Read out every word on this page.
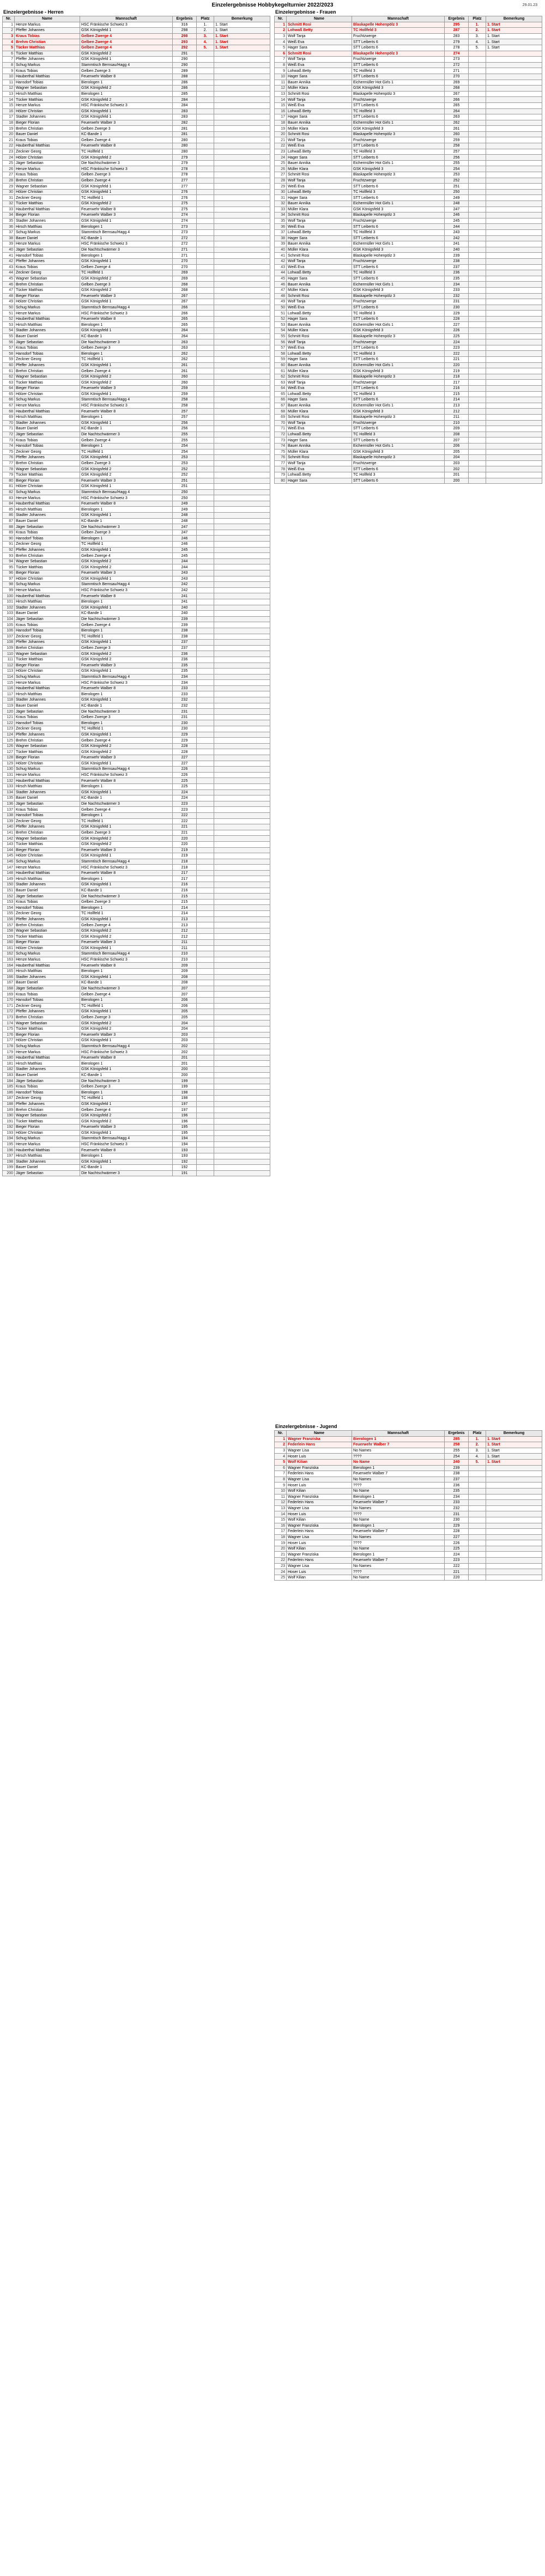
Einzelergebnisse Hobbykegelturnier 2022/2023	29.01.23
Einzelergebnisse - Herren
Nr.	Name	Mannschaft	Ergebnis	Platz	Bemerkung
1	Henze Markus	HSC Fränkische Schweiz 3	316	1.	1. Start
2	Pfeffer Johannes	GSK Königsfeld 1	298	2.	1. Start
3	Kraus Tobias	Gelben Zwerge 4	298	3.	1. Start
4	Brehm Christian	Gelben Zwerge 4	293	4.	1. Start
5	Tücker Matthias	Gelben Zwerge 4	292	5.	1. Start
6	Tücker Matthias	GSK Königsfeld 2	291		
7	Pfeffer Johannes	GSK Königsfeld 1	290		
8	Schug Markus	Stammtisch Bernsau/Hagg 4	290		
9	Kraus Tobias	Gelben Zwerge 3	289		
10	Hauberthal Matthias	Feuerwehr Walber 8	288		
11	Hansdorf Tobias	Bierologen 1	286		
12	Wagner Sebastian	GSK Königsfeld 2	286		
13	Hirsch Matthias	Bierologen 1	285		
14	Tücker Matthias	GSK Königsfeld 2	284		
15	Henze Markus	HSC Fränkische Schweiz 3	284		
16	Hölzer Christian	GSK Königsfeld 1	283		
17	Stadter Johannes	GSK Königsfeld 1	283		
18	Bieger Florian	Feuerwehr Walber 3	282		
19	Brehm Christian	Gelben Zwerge 3	281		
20	Bauer Daniel	KC-Bande 1	281		
21	Kraus Tobias	Gelben Zwerge 4	280		
22	Hauberthal Matthias	Feuerwehr Walber 8	280		
23	Zeckner Georg	TC Hollfeld 1	280		
24	Hölzer Christian	GSK Königsfeld 2	279		
25	Jäger Sebastian	Die Nachtschwärmer 3	279		
26	Henze Markus	HSC Fränkische Schweiz 3	278		
27	Kraus Tobias	Gelben Zwerge 3	278		
28	Brehm Christian	Gelben Zwerge 4	277		
29	Wagner Sebastian	GSK Königsfeld 1	277		
30	Hölzer Christian	GSK Königsfeld 1	276		
31	Zeckner Georg	TC Hollfeld 1	276		
32	Tücker Matthias	GSK Königsfeld 2	275		
33	Hauberthal Matthias	Feuerwehr Walber 8	275		
34	Bieger Florian	Feuerwehr Walber 3	274		
35	Stadter Johannes	GSK Königsfeld 1	274		
36	Hirsch Matthias	Bierologen 1	273		
37	Schug Markus	Stammtisch Bernsau/Hagg 4	273		
38	Bauer Daniel	KC-Bande 1	272		
39	Henze Markus	HSC Fränkische Schweiz 3	272		
40	Jäger Sebastian	Die Nachtschwärmer 3	271		
41	Hansdorf Tobias	Bierologen 1	271		
42	Pfeffer Johannes	GSK Königsfeld 1	270		
43	Kraus Tobias	Gelben Zwerge 4	270		
44	Zeckner Georg	TC Hollfeld 1	269		
45	Wagner Sebastian	GSK Königsfeld 2	269		
46	Brehm Christian	Gelben Zwerge 3	268		
47	Tücker Matthias	GSK Königsfeld 2	268		
48	Bieger Florian	Feuerwehr Walber 3	267		
49	Hölzer Christian	GSK Königsfeld 1	267		
50	Schug Markus	Stammtisch Bernsau/Hagg 4	266		
51	Henze Markus	HSC Fränkische Schweiz 3	266		
52	Hauberthal Matthias	Feuerwehr Walber 8	265		
53	Hirsch Matthias	Bierologen 1	265		
54	Stadter Johannes	GSK Königsfeld 1	264		
55	Bauer Daniel	KC-Bande 1	264		
56	Jäger Sebastian	Die Nachtschwärmer 3	263		
57	Kraus Tobias	Gelben Zwerge 3	263		
58	Hansdorf Tobias	Bierologen 1	262		
59	Zeckner Georg	TC Hollfeld 1	262		
60	Pfeffer Johannes	GSK Königsfeld 1	261		
61	Brehm Christian	Gelben Zwerge 4	261		
62	Wagner Sebastian	GSK Königsfeld 2	260		
63	Tücker Matthias	GSK Königsfeld 2	260		
64	Bieger Florian	Feuerwehr Walber 3	259		
65	Hölzer Christian	GSK Königsfeld 1	259		
66	Schug Markus	Stammtisch Bernsau/Hagg 4	258		
67	Henze Markus	HSC Fränkische Schweiz 3	258		
68	Hauberthal Matthias	Feuerwehr Walber 8	257		
69	Hirsch Matthias	Bierologen 1	257		
70	Stadter Johannes	GSK Königsfeld 1	256		
71	Bauer Daniel	KC-Bande 1	256		
72	Jäger Sebastian	Die Nachtschwärmer 3	255		
73	Kraus Tobias	Gelben Zwerge 4	255		
74	Hansdorf Tobias	Bierologen 1	254		
75	Zeckner Georg	TC Hollfeld 1	254		
76	Pfeffer Johannes	GSK Königsfeld 1	253		
77	Brehm Christian	Gelben Zwerge 3	253		
78	Wagner Sebastian	GSK Königsfeld 2	252		
79	Tücker Matthias	GSK Königsfeld 2	252		
80	Bieger Florian	Feuerwehr Walber 3	251		
81	Hölzer Christian	GSK Königsfeld 1	251		
82	Schug Markus	Stammtisch Bernsau/Hagg 4	250		
83	Henze Markus	HSC Fränkische Schweiz 3	250		
84	Hauberthal Matthias	Feuerwehr Walber 8	249		
85	Hirsch Matthias	Bierologen 1	249		
86	Stadter Johannes	GSK Königsfeld 1	248		
87	Bauer Daniel	KC-Bande 1	248		
88	Jäger Sebastian	Die Nachtschwärmer 3	247		
89	Kraus Tobias	Gelben Zwerge 3	247		
90	Hansdorf Tobias	Bierologen 1	246		
91	Zeckner Georg	TC Hollfeld 1	246		
92	Pfeffer Johannes	GSK Königsfeld 1	245		
93	Brehm Christian	Gelben Zwerge 4	245		
94	Wagner Sebastian	GSK Königsfeld 2	244		
95	Tücker Matthias	GSK Königsfeld 2	244		
96	Bieger Florian	Feuerwehr Walber 3	243		
97	Hölzer Christian	GSK Königsfeld 1	243		
98	Schug Markus	Stammtisch Bernsau/Hagg 4	242		
99	Henze Markus	HSC Fränkische Schweiz 3	242		
100	Hauberthal Matthias	Feuerwehr Walber 8	241		
101	Hirsch Matthias	Bierologen 1	241		
102	Stadter Johannes	GSK Königsfeld 1	240		
103	Bauer Daniel	KC-Bande 1	240		
104	Jäger Sebastian	Die Nachtschwärmer 3	239		
105	Kraus Tobias	Gelben Zwerge 4	239		
106	Hansdorf Tobias	Bierologen 1	238		
107	Zeckner Georg	TC Hollfeld 1	238		
108	Pfeffer Johannes	GSK Königsfeld 1	237		
109	Brehm Christian	Gelben Zwerge 3	237		
110	Wagner Sebastian	GSK Königsfeld 2	236		
111	Tücker Matthias	GSK Königsfeld 2	236		
112	Bieger Florian	Feuerwehr Walber 3	235		
113	Hölzer Christian	GSK Königsfeld 1	235		
114	Schug Markus	Stammtisch Bernsau/Hagg 4	234		
115	Henze Markus	HSC Fränkische Schweiz 3	234		
116	Hauberthal Matthias	Feuerwehr Walber 8	233		
117	Hirsch Matthias	Bierologen 1	233		
118	Stadter Johannes	GSK Königsfeld 1	232		
119	Bauer Daniel	KC-Bande 1	232		
120	Jäger Sebastian	Die Nachtschwärmer 3	231		
121	Kraus Tobias	Gelben Zwerge 3	231		
122	Hansdorf Tobias	Bierologen 1	230		
123	Zeckner Georg	TC Hollfeld 1	230		
124	Pfeffer Johannes	GSK Königsfeld 1	229		
125	Brehm Christian	Gelben Zwerge 4	229		
126	Wagner Sebastian	GSK Königsfeld 2	228		
127	Tücker Matthias	GSK Königsfeld 2	228		
128	Bieger Florian	Feuerwehr Walber 3	227		
129	Hölzer Christian	GSK Königsfeld 1	227		
130	Schug Markus	Stammtisch Bernsau/Hagg 4	226		
131	Henze Markus	HSC Fränkische Schweiz 3	226		
132	Hauberthal Matthias	Feuerwehr Walber 8	225		
133	Hirsch Matthias	Bierologen 1	225		
134	Stadter Johannes	GSK Königsfeld 1	224		
135	Bauer Daniel	KC-Bande 1	224		
136	Jäger Sebastian	Die Nachtschwärmer 3	223		
137	Kraus Tobias	Gelben Zwerge 4	223		
138	Hansdorf Tobias	Bierologen 1	222		
139	Zeckner Georg	TC Hollfeld 1	222		
140	Pfeffer Johannes	GSK Königsfeld 1	221		
141	Brehm Christian	Gelben Zwerge 3	221		
142	Wagner Sebastian	GSK Königsfeld 2	220		
143	Tücker Matthias	GSK Königsfeld 2	220		
144	Bieger Florian	Feuerwehr Walber 3	219		
145	Hölzer Christian	GSK Königsfeld 1	219		
146	Schug Markus	Stammtisch Bernsau/Hagg 4	218		
147	Henze Markus	HSC Fränkische Schweiz 3	218		
148	Hauberthal Matthias	Feuerwehr Walber 8	217		
149	Hirsch Matthias	Bierologen 1	217		
150	Stadter Johannes	GSK Königsfeld 1	216		
151	Bauer Daniel	KC-Bande 1	216		
152	Jäger Sebastian	Die Nachtschwärmer 3	215		
153	Kraus Tobias	Gelben Zwerge 3	215		
154	Hansdorf Tobias	Bierologen 1	214		
155	Zeckner Georg	TC Hollfeld 1	214		
156	Pfeffer Johannes	GSK Königsfeld 1	213		
157	Brehm Christian	Gelben Zwerge 4	213		
158	Wagner Sebastian	GSK Königsfeld 2	212		
159	Tücker Matthias	GSK Königsfeld 2	212		
160	Bieger Florian	Feuerwehr Walber 3	211		
161	Hölzer Christian	GSK Königsfeld 1	211		
162	Schug Markus	Stammtisch Bernsau/Hagg 4	210		
163	Henze Markus	HSC Fränkische Schweiz 3	210		
164	Hauberthal Matthias	Feuerwehr Walber 8	209		
165	Hirsch Matthias	Bierologen 1	209		
166	Stadter Johannes	GSK Königsfeld 1	208		
167	Bauer Daniel	KC-Bande 1	208		
168	Jäger Sebastian	Die Nachtschwärmer 3	207		
169	Kraus Tobias	Gelben Zwerge 4	207		
170	Hansdorf Tobias	Bierologen 1	206		
171	Zeckner Georg	TC Hollfeld 1	206		
172	Pfeffer Johannes	GSK Königsfeld 1	205		
173	Brehm Christian	Gelben Zwerge 3	205		
174	Wagner Sebastian	GSK Königsfeld 2	204		
175	Tücker Matthias	GSK Königsfeld 2	204		
176	Bieger Florian	Feuerwehr Walber 3	203		
177	Hölzer Christian	GSK Königsfeld 1	203		
178	Schug Markus	Stammtisch Bernsau/Hagg 4	202		
179	Henze Markus	HSC Fränkische Schweiz 3	202		
180	Hauberthal Matthias	Feuerwehr Walber 8	201		
181	Hirsch Matthias	Bierologen 1	201		
182	Stadter Johannes	GSK Königsfeld 1	200		
183	Bauer Daniel	KC-Bande 1	200		
184	Jäger Sebastian	Die Nachtschwärmer 3	199		
185	Kraus Tobias	Gelben Zwerge 3	199		
186	Hansdorf Tobias	Bierologen 1	198		
187	Zeckner Georg	TC Hollfeld 1	198		
188	Pfeffer Johannes	GSK Königsfeld 1	197		
189	Brehm Christian	Gelben Zwerge 4	197		
190	Wagner Sebastian	GSK Königsfeld 2	196		
191	Tücker Matthias	GSK Königsfeld 2	196		
192	Bieger Florian	Feuerwehr Walber 3	195		
193	Hölzer Christian	GSK Königsfeld 1	195		
194	Schug Markus	Stammtisch Bernsau/Hagg 4	194		
195	Henze Markus	HSC Fränkische Schweiz 3	194		
196	Hauberthal Matthias	Feuerwehr Walber 8	193		
197	Hirsch Matthias	Bierologen 1	193		
198	Stadter Johannes	GSK Königsfeld 1	192		
199	Bauer Daniel	KC-Bande 1	192		
200	Jäger Sebastian	Die Nachtschwärmer 3	191		
Einzelergebnisse - Frauen
Nr.	Name	Mannschaft	Ergebnis	Platz	Bemerkung
1	Schmitt Rosi	Blaskapelle Hohenpölz 3	295	1.	1. Start
2	Lohwaß Betty	TC Hollfeld 3	287	2.	1. Start
3	Wolf Tanja	Fruchtzwerge	283	3.	1. Start
4	Weiß Eva	STT Leiberts 6	279	4.	1. Start
5	Hager Sara	STT Leiberts 6	278	5.	1. Start
6	Schmitt Rosi	Blaskapelle Hohenpölz 3	274		
7	Wolf Tanja	Fruchtzwerge	273		
8	Weiß Eva	STT Leiberts 6	272		
9	Lohwaß Betty	TC Hollfeld 3	271		
10	Hager Sara	STT Leiberts 6	270		
11	Bauer Annika	Eichermüller Hot Girls 1	269		
12	Müller Klara	GSK Königsfeld 3	268		
13	Schmitt Rosi	Blaskapelle Hohenpölz 3	267		
14	Wolf Tanja	Fruchtzwerge	266		
15	Weiß Eva	STT Leiberts 6	265		
16	Lohwaß Betty	TC Hollfeld 3	264		
17	Hager Sara	STT Leiberts 6	263		
18	Bauer Annika	Eichermüller Hot Girls 1	262		
19	Müller Klara	GSK Königsfeld 3	261		
20	Schmitt Rosi	Blaskapelle Hohenpölz 3	260		
21	Wolf Tanja	Fruchtzwerge	259		
22	Weiß Eva	STT Leiberts 6	258		
23	Lohwaß Betty	TC Hollfeld 3	257		
24	Hager Sara	STT Leiberts 6	256		
25	Bauer Annika	Eichermüller Hot Girls 1	255		
26	Müller Klara	GSK Königsfeld 3	254		
27	Schmitt Rosi	Blaskapelle Hohenpölz 3	253		
28	Wolf Tanja	Fruchtzwerge	252		
29	Weiß Eva	STT Leiberts 6	251		
30	Lohwaß Betty	TC Hollfeld 3	250		
31	Hager Sara	STT Leiberts 6	249		
32	Bauer Annika	Eichermüller Hot Girls 1	248		
33	Müller Klara	GSK Königsfeld 3	247		
34	Schmitt Rosi	Blaskapelle Hohenpölz 3	246		
35	Wolf Tanja	Fruchtzwerge	245		
36	Weiß Eva	STT Leiberts 6	244		
37	Lohwaß Betty	TC Hollfeld 3	243		
38	Hager Sara	STT Leiberts 6	242		
39	Bauer Annika	Eichermüller Hot Girls 1	241		
40	Müller Klara	GSK Königsfeld 3	240		
41	Schmitt Rosi	Blaskapelle Hohenpölz 3	239		
42	Wolf Tanja	Fruchtzwerge	238		
43	Weiß Eva	STT Leiberts 6	237		
44	Lohwaß Betty	TC Hollfeld 3	236		
45	Hager Sara	STT Leiberts 6	235		
46	Bauer Annika	Eichermüller Hot Girls 1	234		
47	Müller Klara	GSK Königsfeld 3	233		
48	Schmitt Rosi	Blaskapelle Hohenpölz 3	232		
49	Wolf Tanja	Fruchtzwerge	231		
50	Weiß Eva	STT Leiberts 6	230		
51	Lohwaß Betty	TC Hollfeld 3	229		
52	Hager Sara	STT Leiberts 6	228		
53	Bauer Annika	Eichermüller Hot Girls 1	227		
54	Müller Klara	GSK Königsfeld 3	226		
55	Schmitt Rosi	Blaskapelle Hohenpölz 3	225		
56	Wolf Tanja	Fruchtzwerge	224		
57	Weiß Eva	STT Leiberts 6	223		
58	Lohwaß Betty	TC Hollfeld 3	222		
59	Hager Sara	STT Leiberts 6	221		
60	Bauer Annika	Eichermüller Hot Girls 1	220		
61	Müller Klara	GSK Königsfeld 3	219		
62	Schmitt Rosi	Blaskapelle Hohenpölz 3	218		
63	Wolf Tanja	Fruchtzwerge	217		
64	Weiß Eva	STT Leiberts 6	216		
65	Lohwaß Betty	TC Hollfeld 3	215		
66	Hager Sara	STT Leiberts 6	214		
67	Bauer Annika	Eichermüller Hot Girls 1	213		
68	Müller Klara	GSK Königsfeld 3	212		
69	Schmitt Rosi	Blaskapelle Hohenpölz 3	211		
70	Wolf Tanja	Fruchtzwerge	210		
71	Weiß Eva	STT Leiberts 6	209		
72	Lohwaß Betty	TC Hollfeld 3	208		
73	Hager Sara	STT Leiberts 6	207		
74	Bauer Annika	Eichermüller Hot Girls 1	206		
75	Müller Klara	GSK Königsfeld 3	205		
76	Schmitt Rosi	Blaskapelle Hohenpölz 3	204		
77	Wolf Tanja	Fruchtzwerge	203		
78	Weiß Eva	STT Leiberts 6	202		
79	Lohwaß Betty	TC Hollfeld 3	201		
80	Hager Sara	STT Leiberts 6	200		
Einzelergebnisse - Jugend
Nr.	Name	Mannschaft	Ergebnis	Platz	Bemerkung
1	Wagner Franziska	Bierologen 1	285	1.	1. Start
2	Federlein Hans	Feuerwehr Walber 7	258	2.	1. Start
3	Wagner Lisa	No Names	255	3.	1. Start
4	Hoser Luis	????	254	4.	1. Start
5	Wolf Kilian	No Name	240	5.	1. Start
6	Wagner Franziska	Bierologen 1	239		
7	Federlein Hans	Feuerwehr Walber 7	238		
8	Wagner Lisa	No Names	237		
9	Hoser Luis	????	236		
10	Wolf Kilian	No Name	235		
11	Wagner Franziska	Bierologen 1	234		
12	Federlein Hans	Feuerwehr Walber 7	233		
13	Wagner Lisa	No Names	232		
14	Hoser Luis	????	231		
15	Wolf Kilian	No Name	230		
16	Wagner Franziska	Bierologen 1	229		
17	Federlein Hans	Feuerwehr Walber 7	228		
18	Wagner Lisa	No Names	227		
19	Hoser Luis	????	226		
20	Wolf Kilian	No Name	225		
21	Wagner Franziska	Bierologen 1	224		
22	Federlein Hans	Feuerwehr Walber 7	223		
23	Wagner Lisa	No Names	222		
24	Hoser Luis	????	221		
25	Wolf Kilian	No Name	220		
